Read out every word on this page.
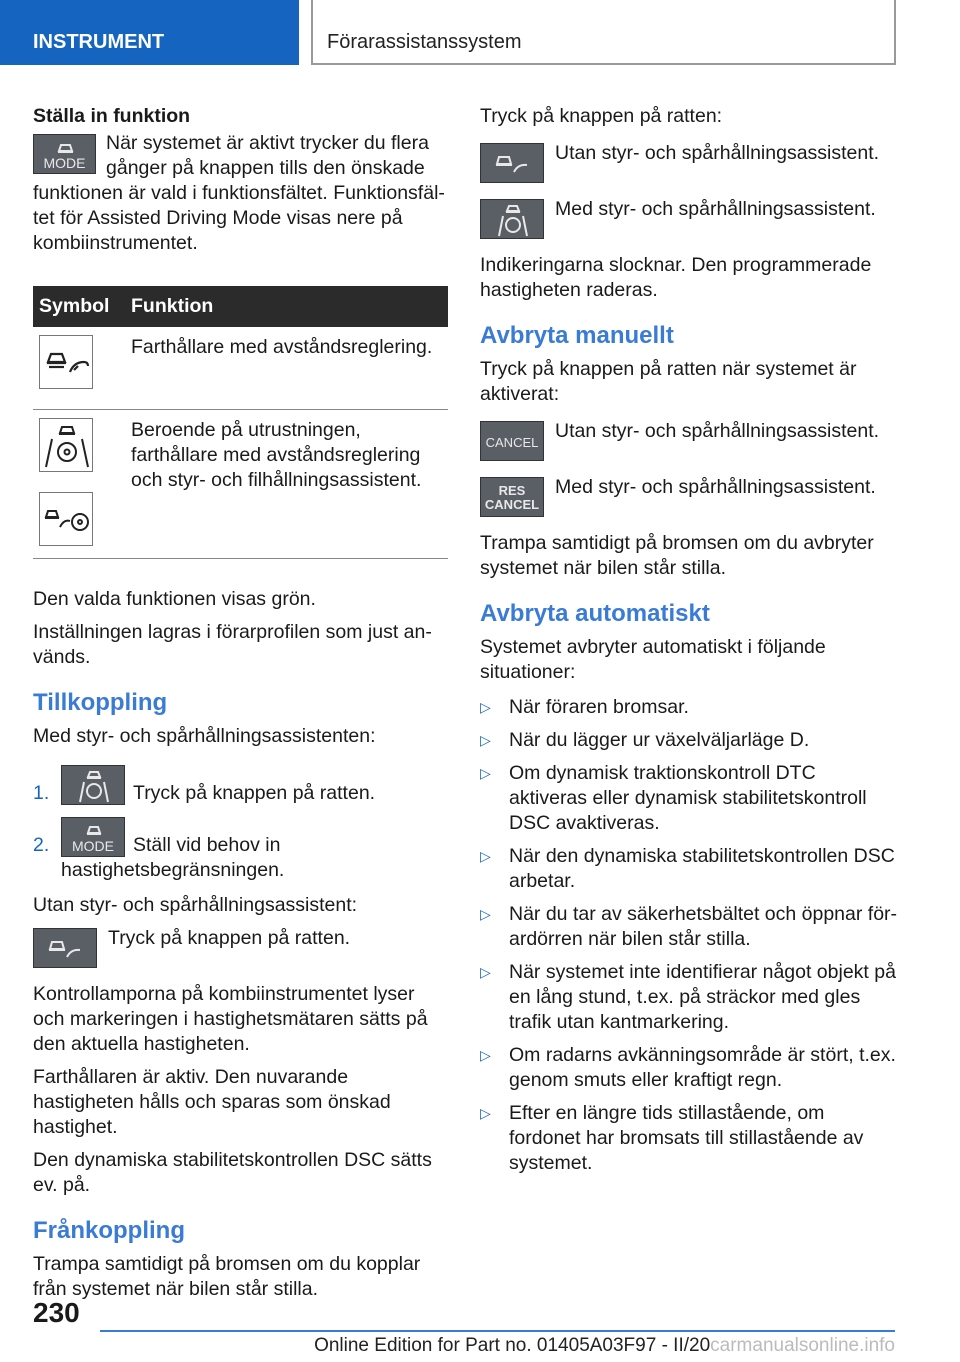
INSTRUMENT	Förarassistanssystem

Ställa in funktion

MODE

När systemet är aktivt trycker du flera gånger på knappen tills den önskade funktionen är vald i funktionsfältet. Funktionsfältet för Assisted Driving Mode visas nere på kombiinstrumentet.

Symbol	Funktion

	Farthållare med avståndsreglering.

	Beroende på utrustningen, farthållare med avståndsreglering och styr- och filhållningsassistent.

Den valda funktionen visas grön.

Inställningen lagras i förarprofilen som just används.

Tillkoppling

Med styr- och spårhållningsassistenten:

1.	Tryck på knappen på ratten.
2.	MODE Ställ vid behov in hastighetsbegränsningen.

Utan styr- och spårhållningsassistent:

Tryck på knappen på ratten.

Kontrollamporna på kombiinstrumentet lyser och markeringen i hastighetsmätaren sätts på den aktuella hastigheten.

Farthållaren är aktiv. Den nuvarande hastigheten hålls och sparas som önskad hastighet.

Den dynamiska stabilitetskontrollen DSC sätts ev. på.

Frånkoppling

Trampa samtidigt på bromsen om du kopplar från systemet när bilen står stilla.

Tryck på knappen på ratten:

Utan styr- och spårhållningsassistent.
Med styr- och spårhållningsassistent.

Indikeringarna slocknar. Den programmerade hastigheten raderas.

Avbryta manuellt

Tryck på knappen på ratten när systemet är aktiverat:

CANCEL
Utan styr- och spårhållningsassistent.
RES
CANCEL
Med styr- och spårhållningsassistent.

Trampa samtidigt på bromsen om du avbryter systemet när bilen står stilla.

Avbryta automatiskt

Systemet avbryter automatiskt i följande situationer:

▷ När föraren bromsar.
▷ När du lägger ur växelväljarläge D.
▷ Om dynamisk traktionskontroll DTC aktiveras eller dynamisk stabilitetskontroll DSC avaktiveras.
▷ När den dynamiska stabilitetskontrollen DSC arbetar.
▷ När du tar av säkerhetsbältet och öppnar förardörren när bilen står stilla.
▷ När systemet inte identifierar något objekt på en lång stund, t.ex. på sträckor med gles trafik utan kantmarkering.
▷ Om radarns avkänningsområde är stört, t.ex. genom smuts eller kraftigt regn.
▷ Efter en längre tids stillastående, om fordonet har bromsats till stillastående av systemet.
230
Online Edition for Part no. 01405A03F97 - II/20carmanualsonline.info
